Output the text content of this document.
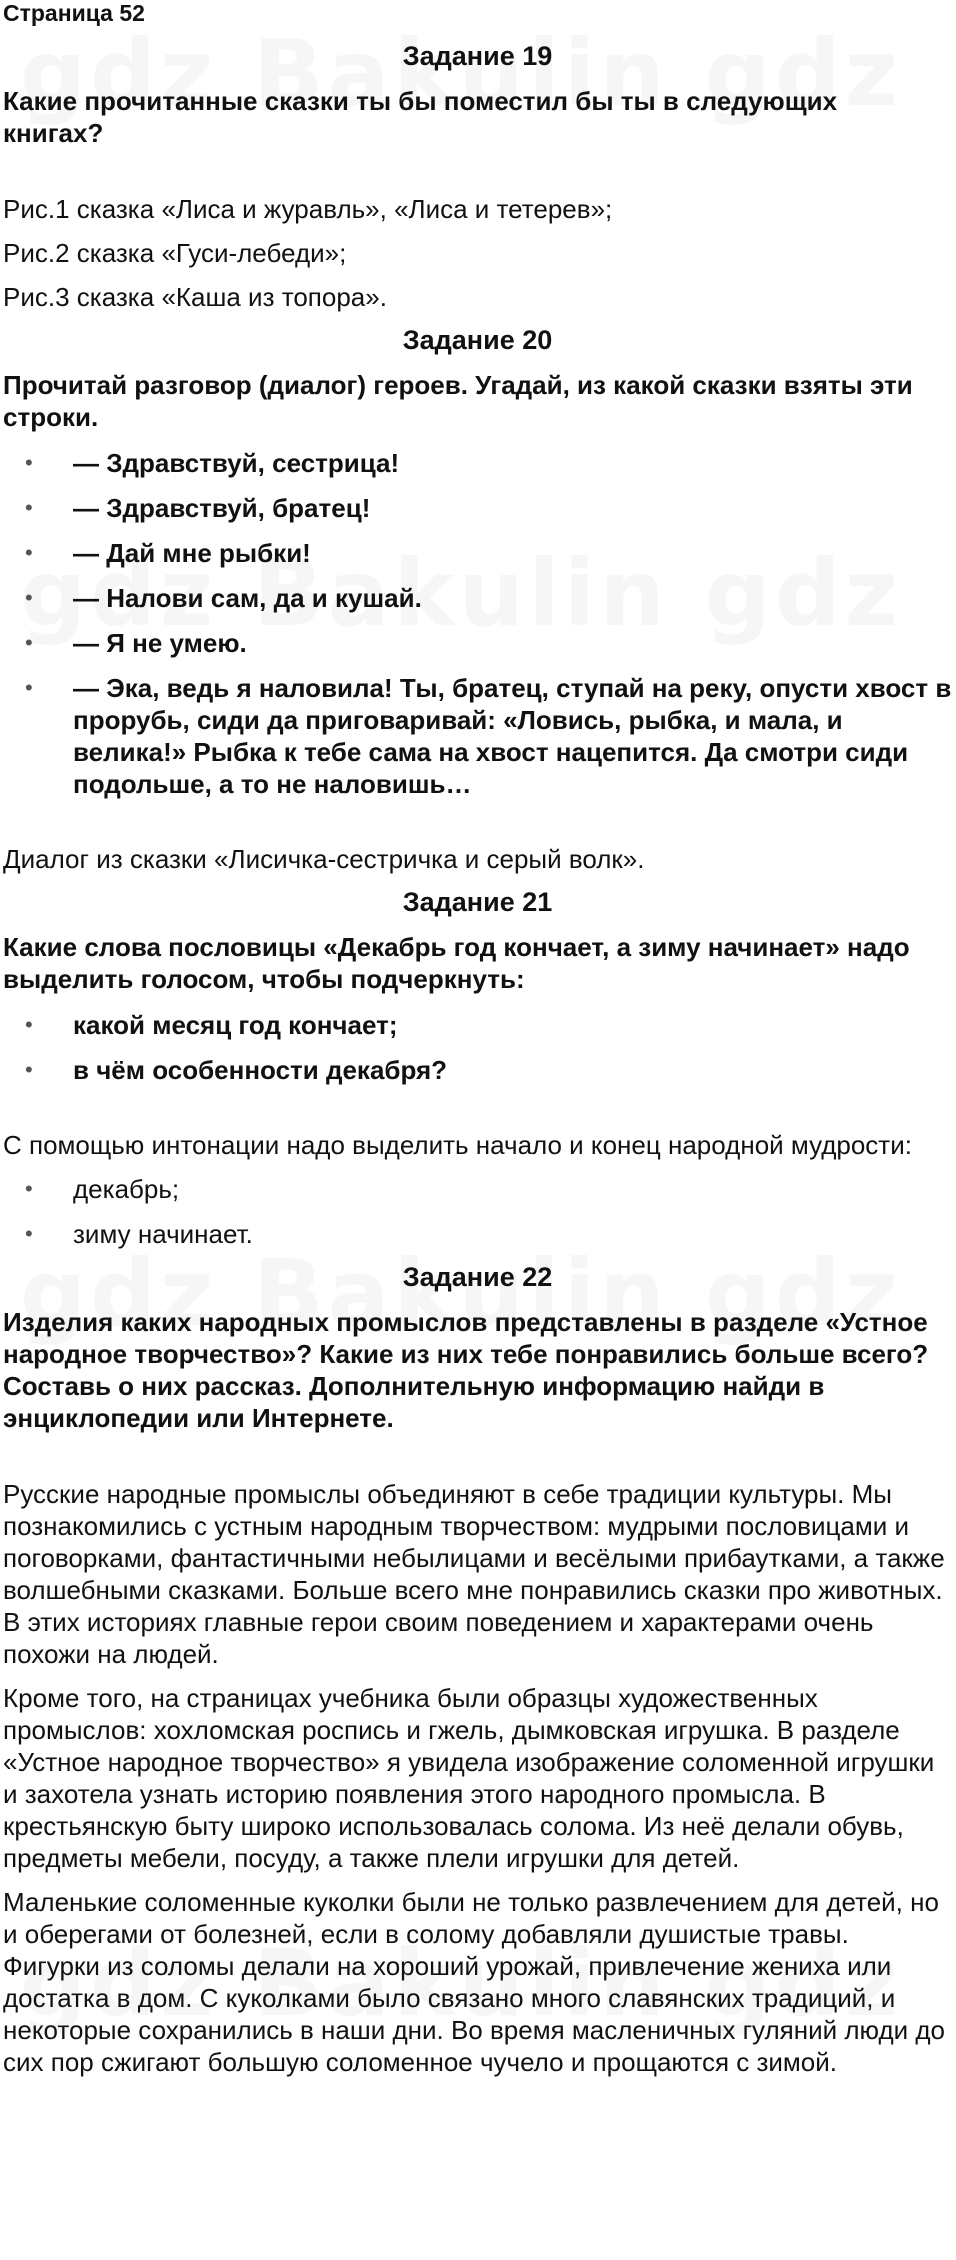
Страница 52
Задание 19
Какие прочитанные сказки ты бы поместил бы ты в следующих книгах?

Рис.1 сказка «Лиса и журавль», «Лиса и тетерев»;

Рис.2 сказка «Гуси-лебеди»;

Рис.3 сказка «Каша из топора».

Задание 20
Прочитай разговор (диалог) героев. Угадай, из какой сказки взяты эти строки.
• — Здравствуй, сестрица!
• — Здравствуй, братец!
• — Дай мне рыбки!
• — Налови сам, да и кушай.
• — Я не умею.
• — Эка, ведь я наловила! Ты, братец, ступай на реку, опусти хвост в прорубь, сиди да приговаривай: «Ловись, рыбка, и мала, и велика!» Рыбка к тебе сама на хвост нацепится. Да смотри сиди подольше, а то не наловишь…

Диалог из сказки «Лисичка-сестричка и серый волк».

Задание 21
Какие слова пословицы «Декабрь год кончает, а зиму начинает» надо выделить голосом, чтобы подчеркнуть:
• какой месяц год кончает;
• в чём особенности декабря?

С помощью интонации надо выделить начало и конец народной мудрости:

• декабрь;
• зиму начинает.
Задание 22
Изделия каких народных промыслов представлены в разделе «Устное народное творчество»? Какие из них тебе понравились больше всего? Составь о них рассказ. Дополнительную информацию найди в энциклопедии или Интернете.

Русские народные промыслы объединяют в себе традиции культуры. Мы познакомились с устным народным творчеством: мудрыми пословицами и поговорками, фантастичными небылицами и весёлыми прибаутками, а также волшебными сказками. Больше всего мне понравились сказки про животных. В этих историях главные герои своим поведением и характерами очень похожи на людей.

Кроме того, на страницах учебника были образцы художественных промыслов: хохломская роспись и гжель, дымковская игрушка. В разделе «Устное народное творчество» я увидела изображение соломенной игрушки и захотела узнать историю появления этого народного промысла. В крестьянскую быту широко использовалась солома. Из неё делали обувь, предметы мебели, посуду, а также плели игрушки для детей.

Маленькие соломенные куколки были не только развлечением для детей, но и оберегами от болезней, если в солому добавляли душистые травы. Фигурки из соломы делали на хороший урожай, привлечение жениха или достатка в дом. С куколками было связано много славянских традиций, и некоторые сохранились в наши дни. Во время масленичных гуляний люди до сих пор сжигают большую соломенное чучело и прощаются с зимой.
